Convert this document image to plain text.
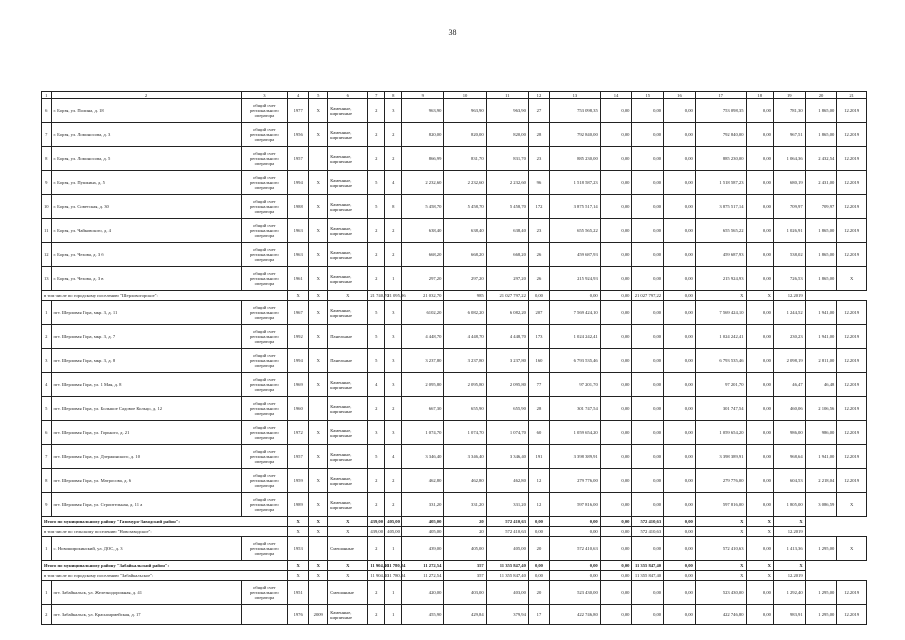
38
1	2	3	4	5	6	7	8	9	10	11	12	13	14	15	16	17	18	19	20	21
6	г. Борзя, ул. Полина, д. 18	общий счет регионального оператора	1977	Х	Каменные, кирпичные	2	3	963,90	963,90	963,90	27	753 098,35	0,00	0,00	0,00	753 098,35	0,00	781,30	1 865,00	12.2019
7	г. Борзя, ул. Ломоносова, д. 3	общий счет регионального оператора	1956	Х	Каменные, кирпичные	2	2	820,00	820,00	820,00	28	792 840,00	0,00	0,00	0,00	792 840,00	0,00	967,51	1 865,00	12.2019
8	г. Борзя, ул. Ломоносова, д. 5	общий счет регионального оператора	1957		Каменные, кирпичные	2	2	866,99	831,70	831,70	23	885 230,00	0,00	0,00	0,00	885 230,00	0,00	1 064,36	2 432,54	12.2019
9	г. Борзя, ул. Пушкина, д. 5	общий счет регионального оператора	1994	Х	Каменные, кирпичные	5	4	2 232,60	2 232,60	2 232,60	96	1 518 587,23	0,00	0,00	0,00	1 518 587,23	0,00	680,19	2 431,00	12.2019
10	г. Борзя, ул. Советская, д. 30	общий счет регионального оператора	1988	Х	Каменные, кирпичные	5	8	5 458,70	5 458,70	5 458,70	172	3 875 517,14	0,00	0,00	0,00	3 875 517,14	0,00	709,97	709,97	12.2019
11	г. Борзя, ул. Чайковского, д. 4	общий счет регионального оператора	1963	Х	Каменные, кирпичные	2	2	638,40	638,40	638,40	23	655 565,22	0,00	0,00	0,00	655 565,22	0,00	1 026,91	1 865,00	12.2019
12	г. Борзя, ул. Чехова, д. 3 б	общий счет регионального оператора	1963	Х	Каменные, кирпичные	2	2	668,20	668,20	668,20	26	459 687,93	0,00	0,00	0,00	459 687,93	0,00	538,02	1 865,00	12.2019
13	г. Борзя, ул. Чехова, д. 3 в	общий счет регионального оператора	1961	Х	Каменные, кирпичные	2	1	297,20	297,20	297,20	26	215 924,93	0,00	0,00	0,00	215 924,93	0,00	726,53	1 865,00	Х
в том числе по городскому поселению "Шерловогорское":			Х	Х	Х	21 740,70	21 095,96	21 032,70	985	21 027 797,22	0,00	0,00	0,00	21 027 797,22	0,00	Х	Х	12.2019		
1	пгт. Шерловая Гора, мкр. 3, д. 11	общий счет регионального оператора	1967	Х	Каменные, кирпичные	5	3	6102,20	6 082,20	6 082,20	207	7 569 424,10	0,00	0,00	0,00	7 569 424,10	0,00	1 244,52	1 941,00	12.2019
2	пгт. Шерловая Гора, мкр. 3, д. 7	общий счет регионального оператора	1992	Х	Панельные	5	3	4 448,70	4 448,70	4 448,70	173	1 024 242,41	0,00	0,00	0,00	1 024 242,41	0,00	230,23	1 941,00	12.2019
3	пгт. Шерловая Гора, мкр. 3, д. 8	общий счет регионального оператора	1994	Х	Панельные	5	3	3 237,80	3 237,80	3 237,80	160	6 793 535,46	0,00	0,00	0,00	6 793 535,46	0,00	2 098,19	2 811,00	12.2019
4	пгт. Шерловая Гора, ул. 1 Мая, д. 8	общий счет регионального оператора	1969	Х	Каменные, кирпичные	4	3	2 095,80	2 095,80	2 095,80	77	97 201,70	0,00	0,00	0,00	97 201,70	0,00	46,47	46,48	12.2019
5	пгт. Шерловая Гора, ул. Большое Садовое Кольцо, д. 12	общий счет регионального оператора	1960		Каменные, кирпичные	2	2	667,30	655,90	655,90	28	301 747,54	0,00	0,00	0,00	301 747,54	0,00	460,06	2 106,56	12.2019
6	пгт. Шерловая Гора, ул. Горького, д. 21	общий счет регионального оператора	1972	Х	Каменные, кирпичные	3	3	1 074,70	1 074,70	1 074,70	60	1 059 654,20	0,00	0,00	0,00	1 059 654,20	0,00	986,00	986,00	12.2019
7	пгт. Шерловая Гора, ул. Дзержинского, д. 10	общий счет регионального оператора	1957	Х	Каменные, кирпичные	5	4	3 346,40	3 346,40	3 346,40	191	3 398 389,91	0,00	0,00	0,00	3 398 389,91	0,00	968,64	1 941,00	12.2019
8	пгт. Шерловая Гора, ул. Матросова, д. 6	общий счет регионального оператора	1959	Х	Каменные, кирпичные	2	2	462,80	462,80	462,80	12	279 776,00	0,00	0,00	0,00	279 776,00	0,00	604,53	2 218,04	12.2019
9	пгт. Шерловая Гора, ул. Строительная, д. 11 а	общий счет регионального оператора	1989	Х	Каменные, кирпичные	2	2	331,20	331,20	331,20	12	597 816,00	0,00	0,00	0,00	597 816,00	0,00	1 805,00	3 086,59	Х
Итого по муниципальному району "Газимуро-Заводский район":			Х	Х	Х	439,00	405,00	405,00	20	572 410,63	0,00	0,00	0,00	572 410,63	0,00	Х	Х	Х		
в том числе по сельскому поселению "Новозаводское":			Х	Х	Х	439,00	405,00	405,00	20	572 410,63	0,00	0,00	0,00	572 410,63	0,00	Х	Х	12.2019		
1	с. Новоширокинский, ул. ДОС, д. 3	общий счет регионального оператора	1953		Смешанные	2	1	439,00	405,00	405,00	20	572 410,63	0,00	0,00	0,00	572 410,63	0,00	1 413,36	1 295,00	Х
Итого по муниципальному району "Забайкальский район":			Х	Х	Х	11 904,40	11 780,24	11 272,54	357	11 355 847,40	0,00	0,00	0,00	11 355 847,40	0,00	Х	Х	Х		
в том числе по городскому поселению "Забайкальское":			Х	Х	Х	11 904,40	11 780,24	11 272,54	357	11 355 847,40	0,00	0,00	0,00	11 355 847,40	0,00	Х	Х	12.2019		
1	пгт. Забайкальск, ул. Железнодорожная, д. 41	общий счет регионального оператора	1951		Смешанные	2	1	420,00	403,00	403,00	20	523 430,00	0,00	0,00	0,00	523 430,00	0,00	1 292,40	1 295,00	12.2019
2	пгт. Забайкальск, ул. Красноармейская, д. 17		1976	2009	Каменные, кирпичные	2	1	455,90	429,84	379,94	17	422 746,80	0,00	0,00	0,00	422 746,80	0,00	983,91	1 295,00	12.2019
